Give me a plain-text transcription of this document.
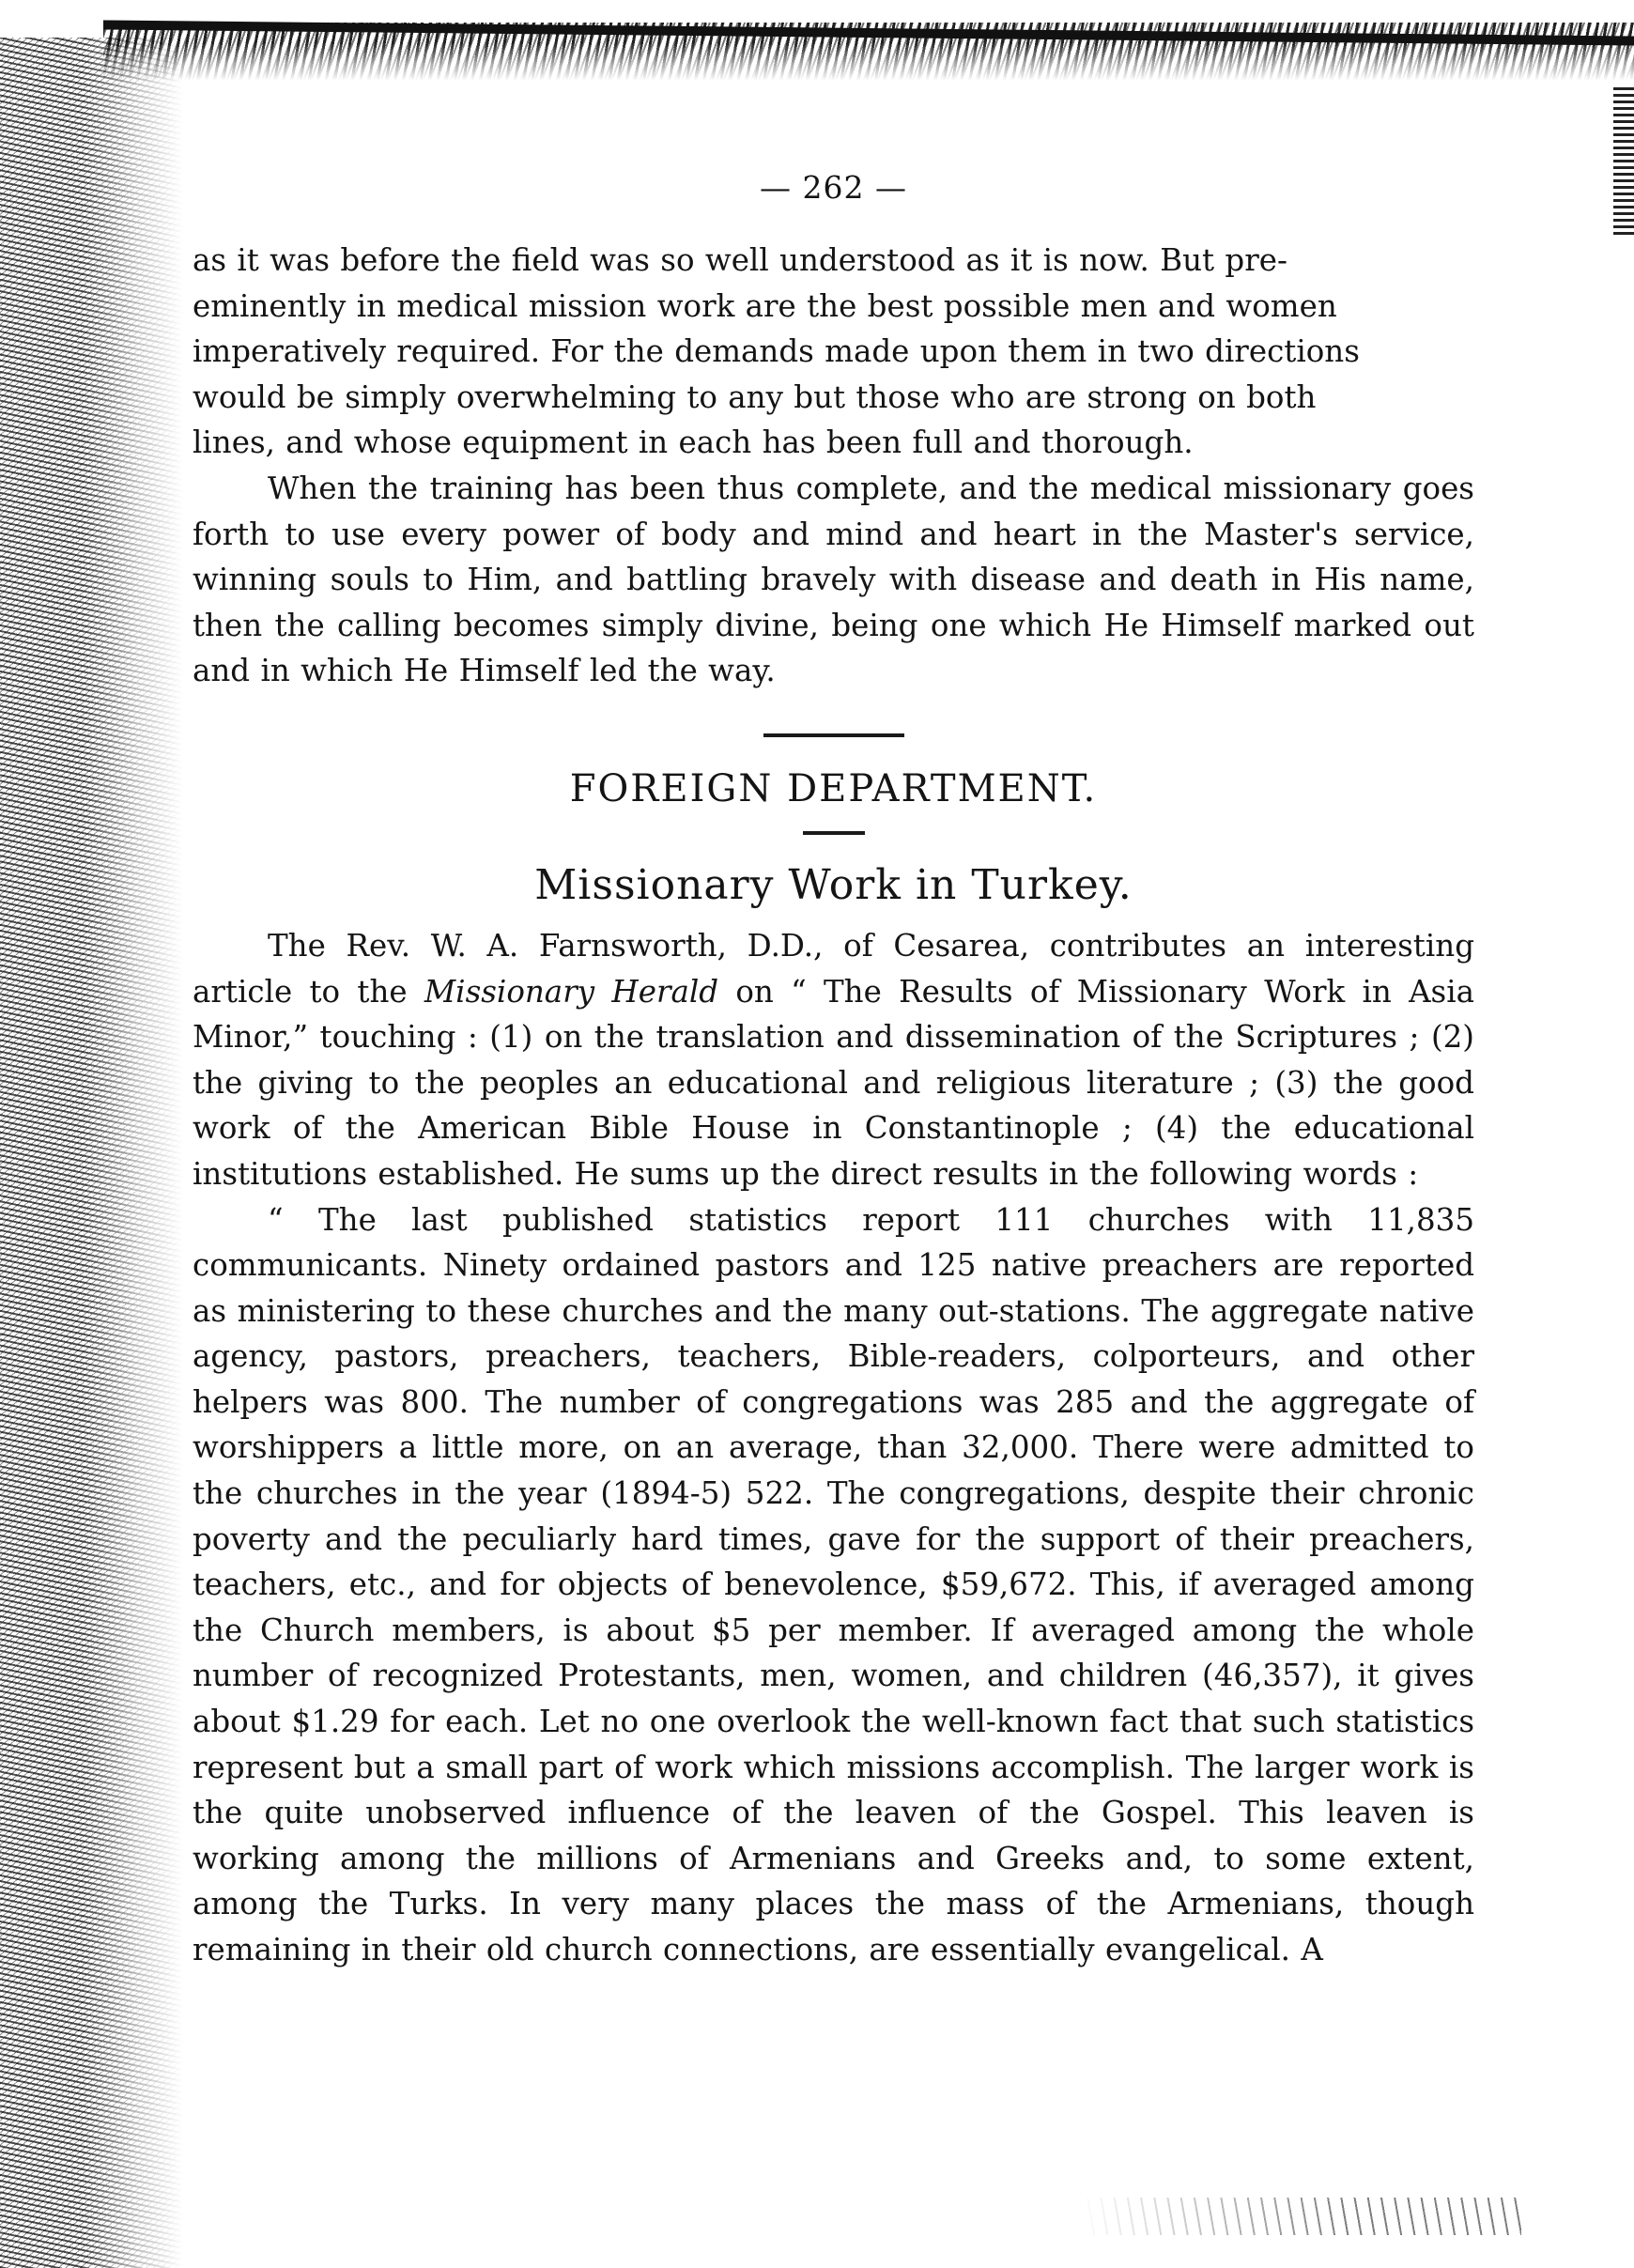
— 262 —

as it was before the field was so well understood as it is now. But pre-
eminently in medical mission work are the best possible men and women
imperatively required. For the demands made upon them in two directions
would be simply overwhelming to any but those who are strong on both
lines, and whose equipment in each has been full and thorough.

When the training has been thus complete, and the medical missionary goes forth to use every power of body and mind and heart in the Master's service, winning souls to Him, and battling bravely with disease and death in His name, then the calling becomes simply divine, being one which He Himself marked out and in which He Himself led the way.

FOREIGN DEPARTMENT.
Missionary Work in Turkey.

The Rev. W. A. Farnsworth, D.D., of Cesarea, contributes an interesting article to the Missionary Herald on “ The Results of Missionary Work in Asia Minor,” touching : (1) on the translation and dissemination of the Scriptures ; (2) the giving to the peoples an educational and religious literature ; (3) the good work of the American Bible House in Constantinople ; (4) the educational institutions established. He sums up the direct results in the following words :

“ The last published statistics report 111 churches with 11,835 communicants. Ninety ordained pastors and 125 native preachers are reported as ministering to these churches and the many out-stations. The aggregate native agency, pastors, preachers, teachers, Bible-readers, colporteurs, and other helpers was 800. The number of congregations was 285 and the aggregate of worshippers a little more, on an average, than 32,000. There were admitted to the churches in the year (1894-5) 522. The congregations, despite their chronic poverty and the peculiarly hard times, gave for the support of their preachers, teachers, etc., and for objects of benevolence, $59,672. This, if averaged among the Church members, is about $5 per member. If averaged among the whole number of recognized Protestants, men, women, and children (46,357), it gives about $1.29 for each. Let no one overlook the well-known fact that such statistics represent but a small part of work which missions accomplish. The larger work is the quite unobserved influence of the leaven of the Gospel. This leaven is working among the millions of Armenians and Greeks and, to some extent, among the Turks. In very many places the mass of the Armenians, though remaining in their old church connections, are essentially evangelical. A
